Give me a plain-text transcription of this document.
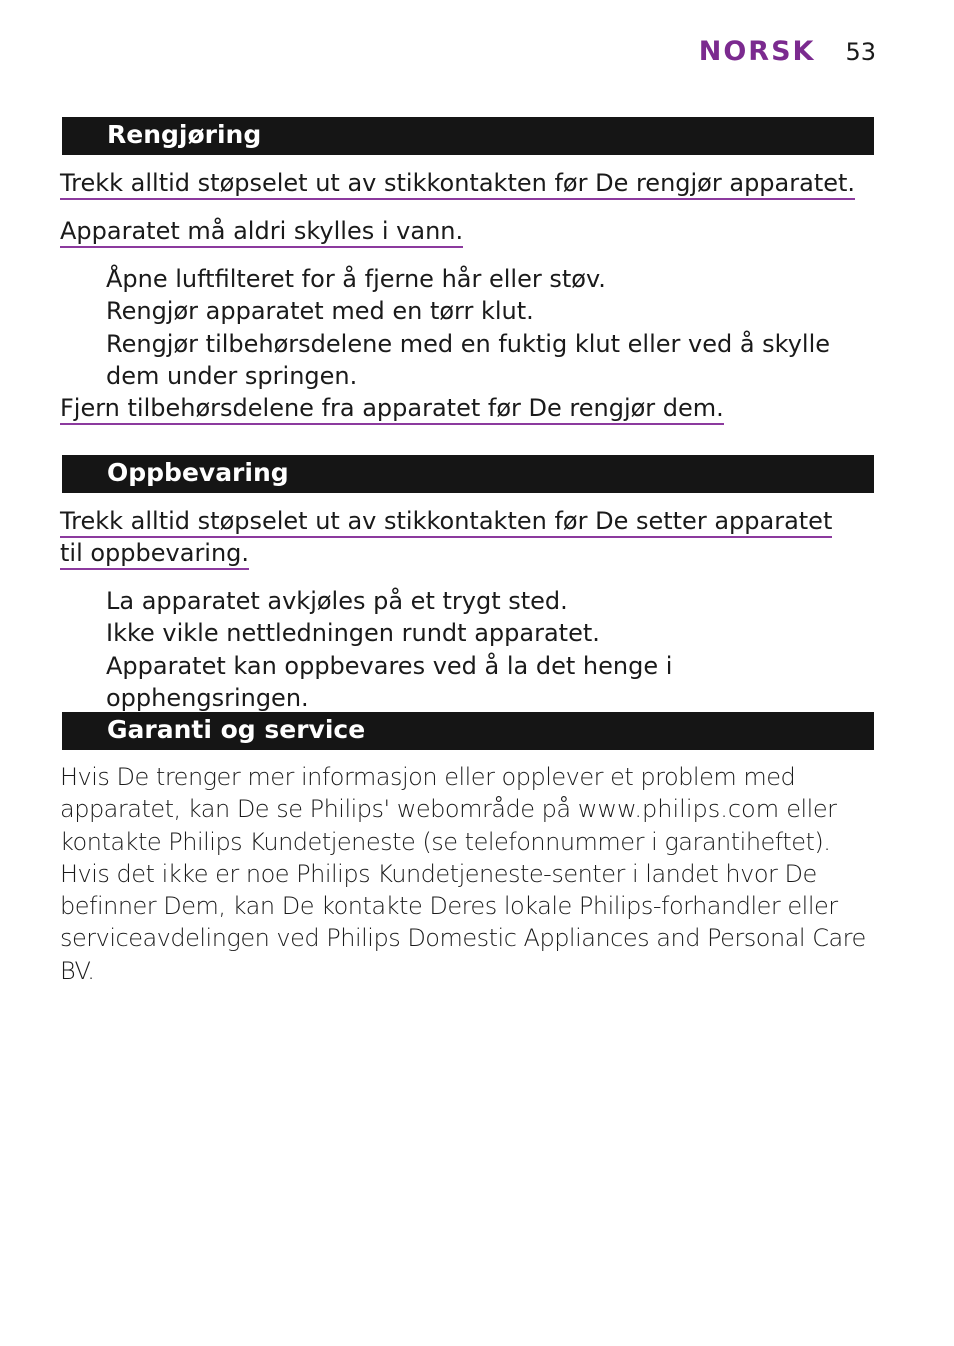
NORSK 53
Rengjøring
Trekk alltid støpselet ut av stikkontakten før De rengjør apparatet.
Apparatet må aldri skylles i vann.
Åpne luftfilteret for å fjerne hår eller støv.
Rengjør apparatet med en tørr klut.
Rengjør tilbehørsdelene med en fuktig klut eller ved å skylle dem under springen.
Fjern tilbehørsdelene fra apparatet før De rengjør dem.
Oppbevaring
Trekk alltid støpselet ut av stikkontakten før De setter apparatet til oppbevaring.
La apparatet avkjøles på et trygt sted.
Ikke vikle nettledningen rundt apparatet.
Apparatet kan oppbevares ved å la det henge i opphengsringen.
Garanti og service

Hvis De trenger mer informasjon eller opplever et problem med apparatet, kan De se Philips' webområde på www.philips.com eller kontakte Philips Kundetjeneste (se telefonnummer i garantiheftet). Hvis det ikke er noe Philips Kundetjeneste-senter i landet hvor De befinner Dem, kan De kontakte Deres lokale Philips-forhandler eller serviceavdelingen ved Philips Domestic Appliances and Personal Care BV.
